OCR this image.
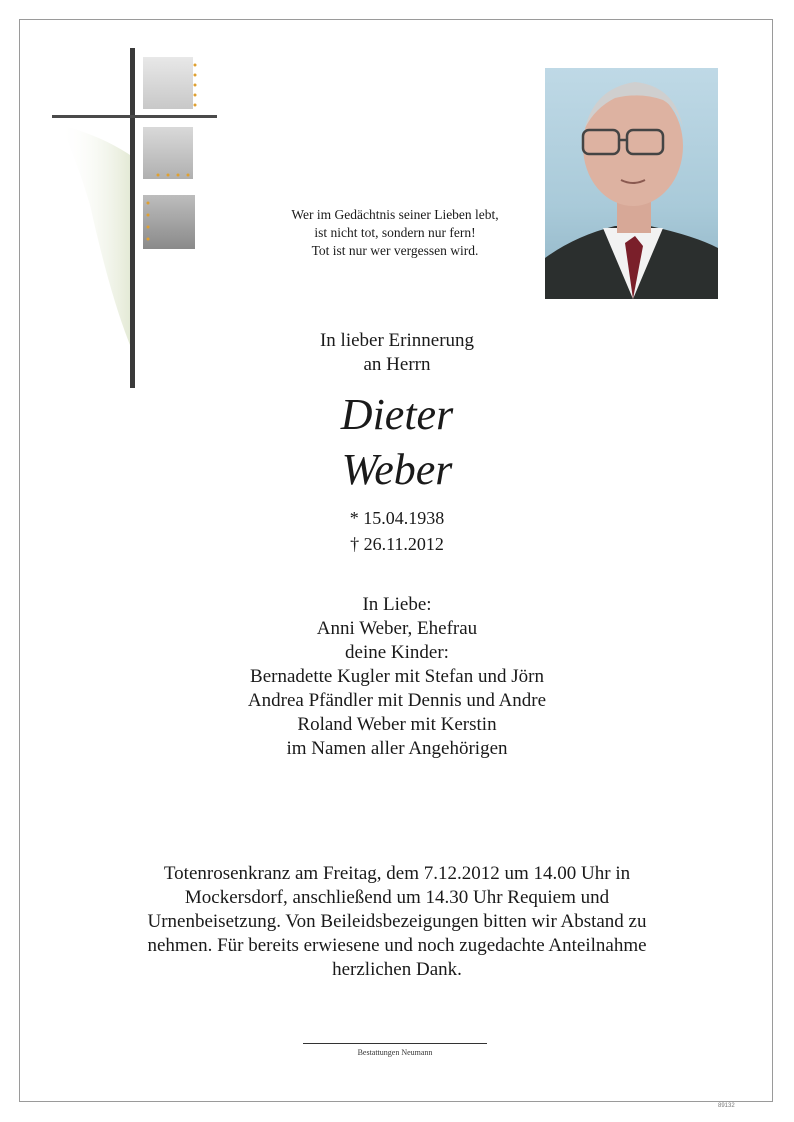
Wer im Gedächtnis seiner Lieben lebt,
ist nicht tot, sondern nur fern!
Tot ist nur wer vergessen wird.
In lieber Erinnerung
an Herrn
Dieter
Weber
* 15.04.1938
† 26.11.2012
In Liebe:
Anni Weber, Ehefrau
deine Kinder:
Bernadette Kugler mit Stefan und Jörn
Andrea Pfändler mit Dennis und Andre
Roland Weber mit Kerstin
im Namen aller Angehörigen
Totenrosenkranz am Freitag, dem 7.12.2012 um 14.00 Uhr in
Mockersdorf, anschließend um 14.30 Uhr Requiem und
Urnenbeisetzung. Von Beileidsbezeigungen bitten wir Abstand zu
nehmen. Für bereits erwiesene und noch zugedachte Anteilnahme
herzlichen Dank.
Bestattungen Neumann
89132
